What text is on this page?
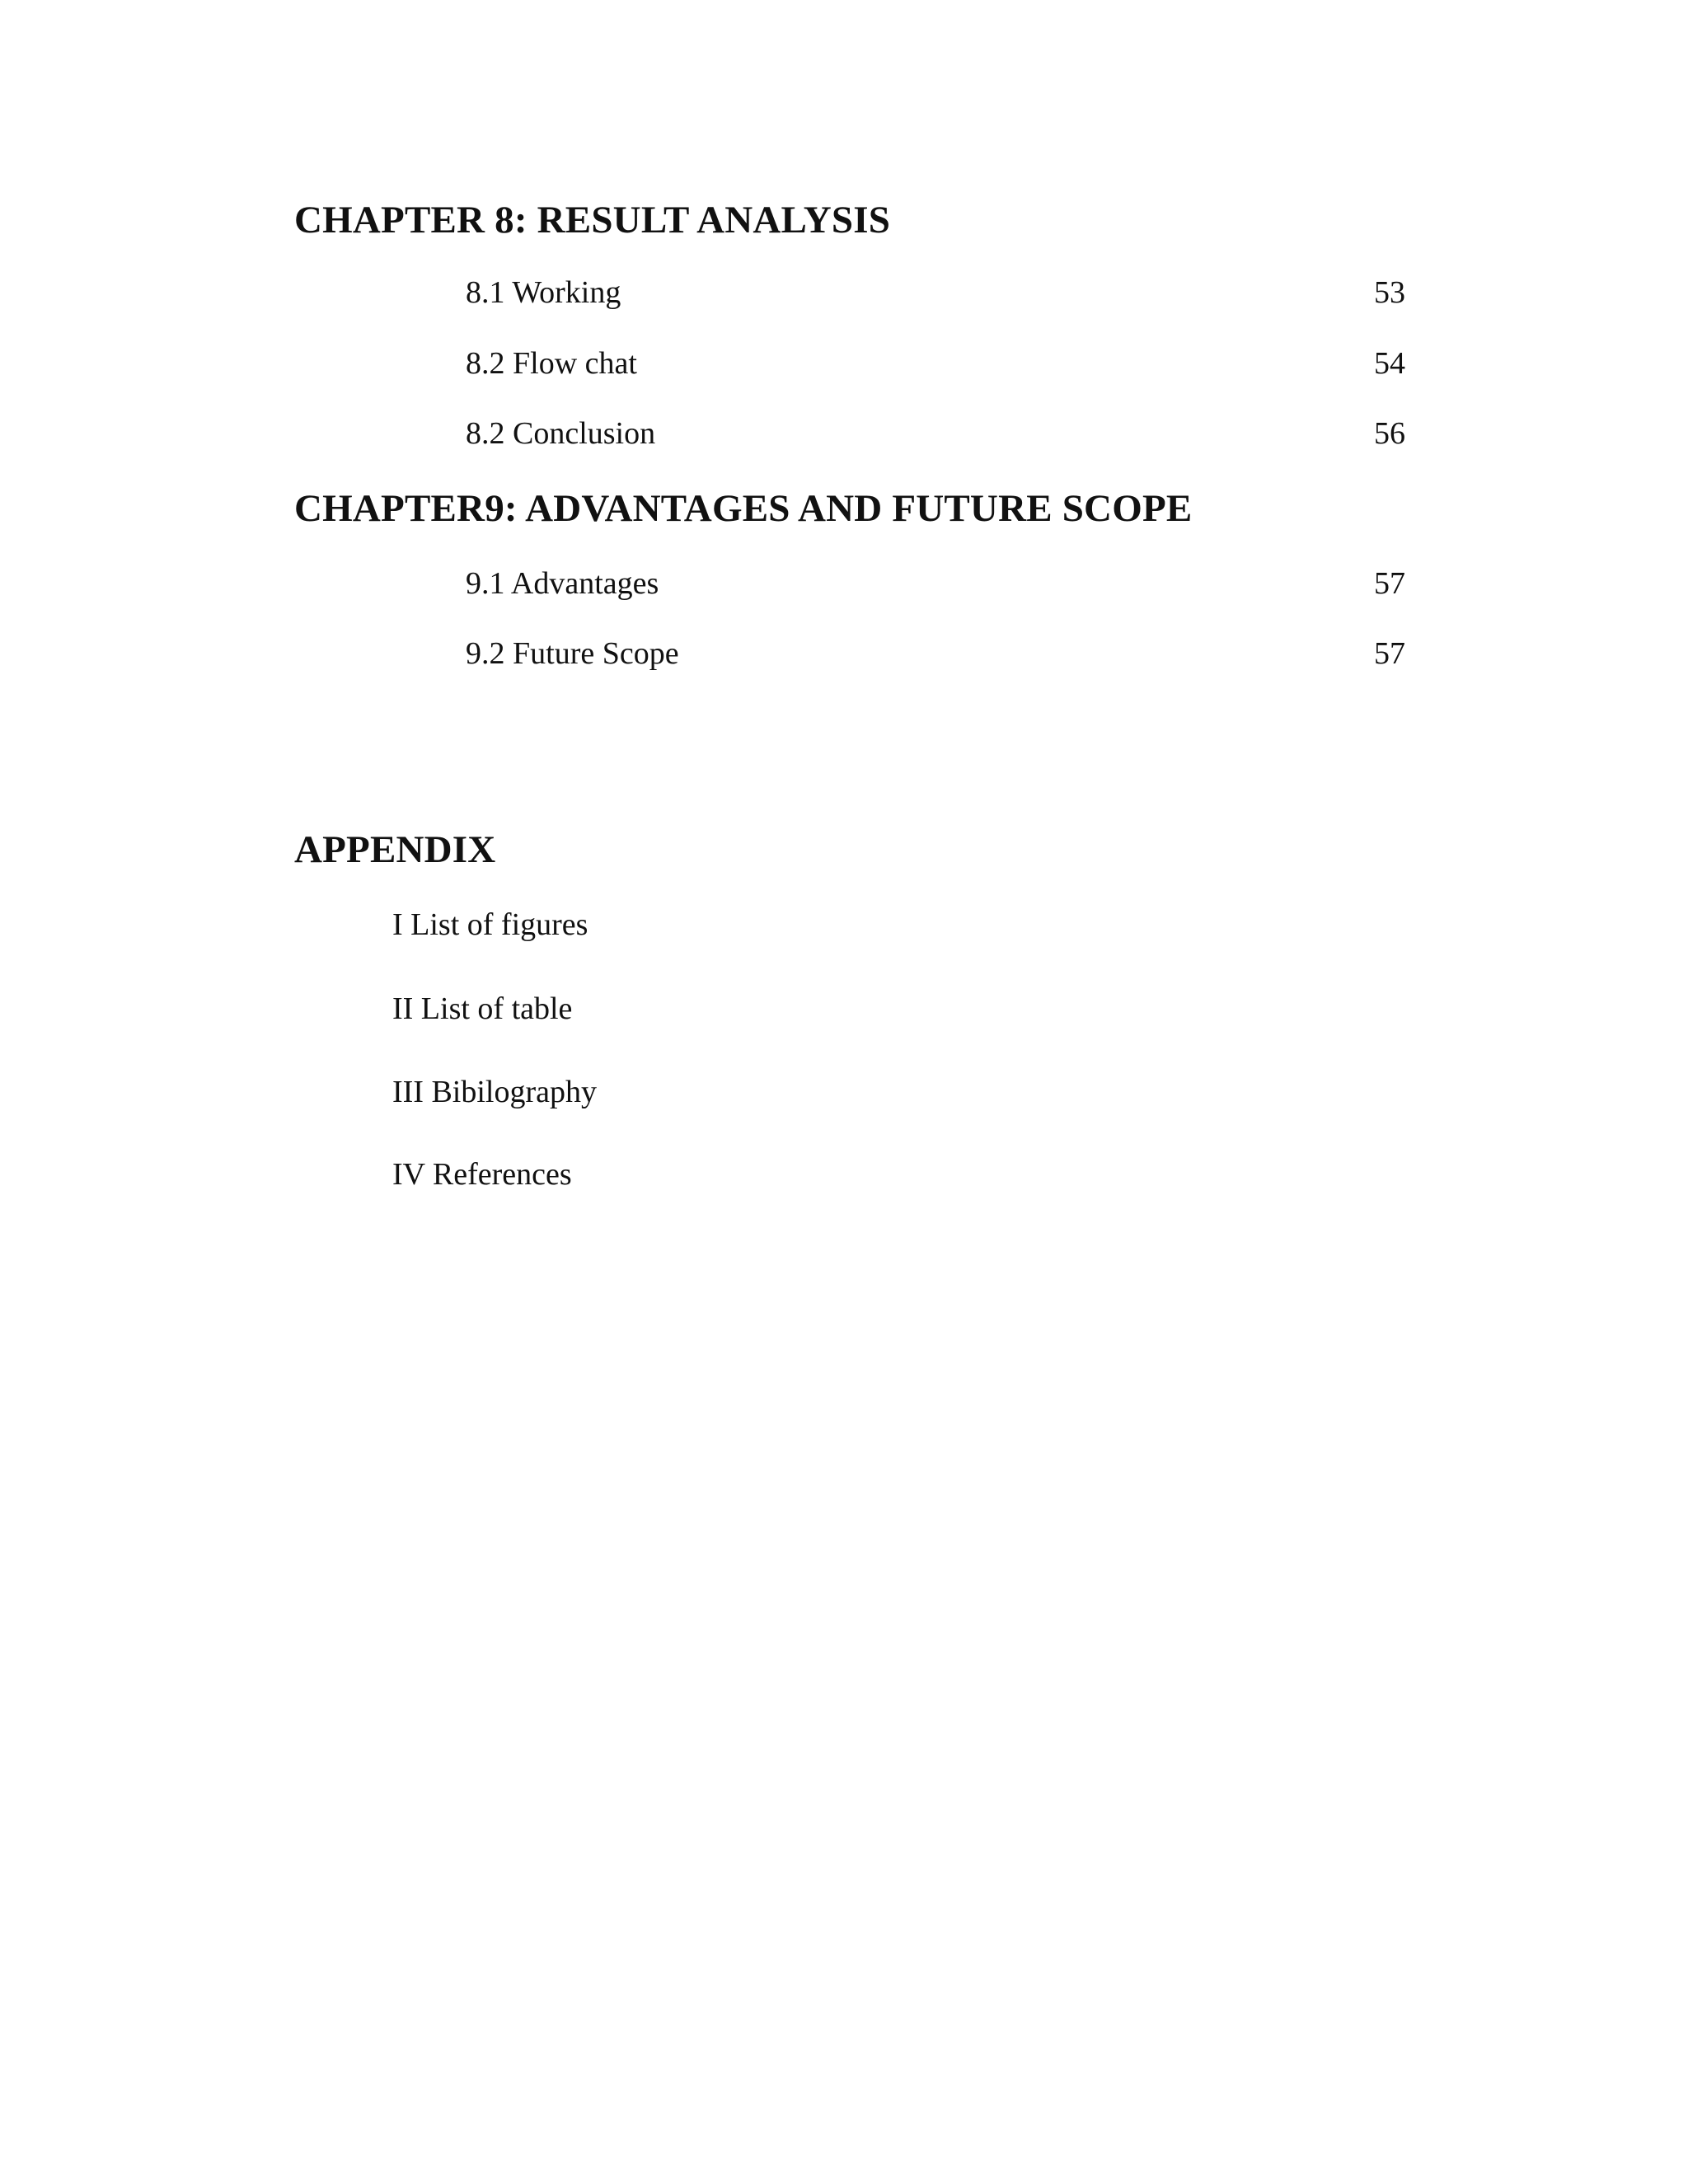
CHAPTER 8: RESULT ANALYSIS
8.1 Working	53
8.2 Flow chat	54
8.2 Conclusion	56
CHAPTER9: ADVANTAGES AND FUTURE SCOPE
9.1 Advantages	57
9.2 Future Scope	57
APPENDIX
I List of figures
II List of table
III Bibilography
IV References
